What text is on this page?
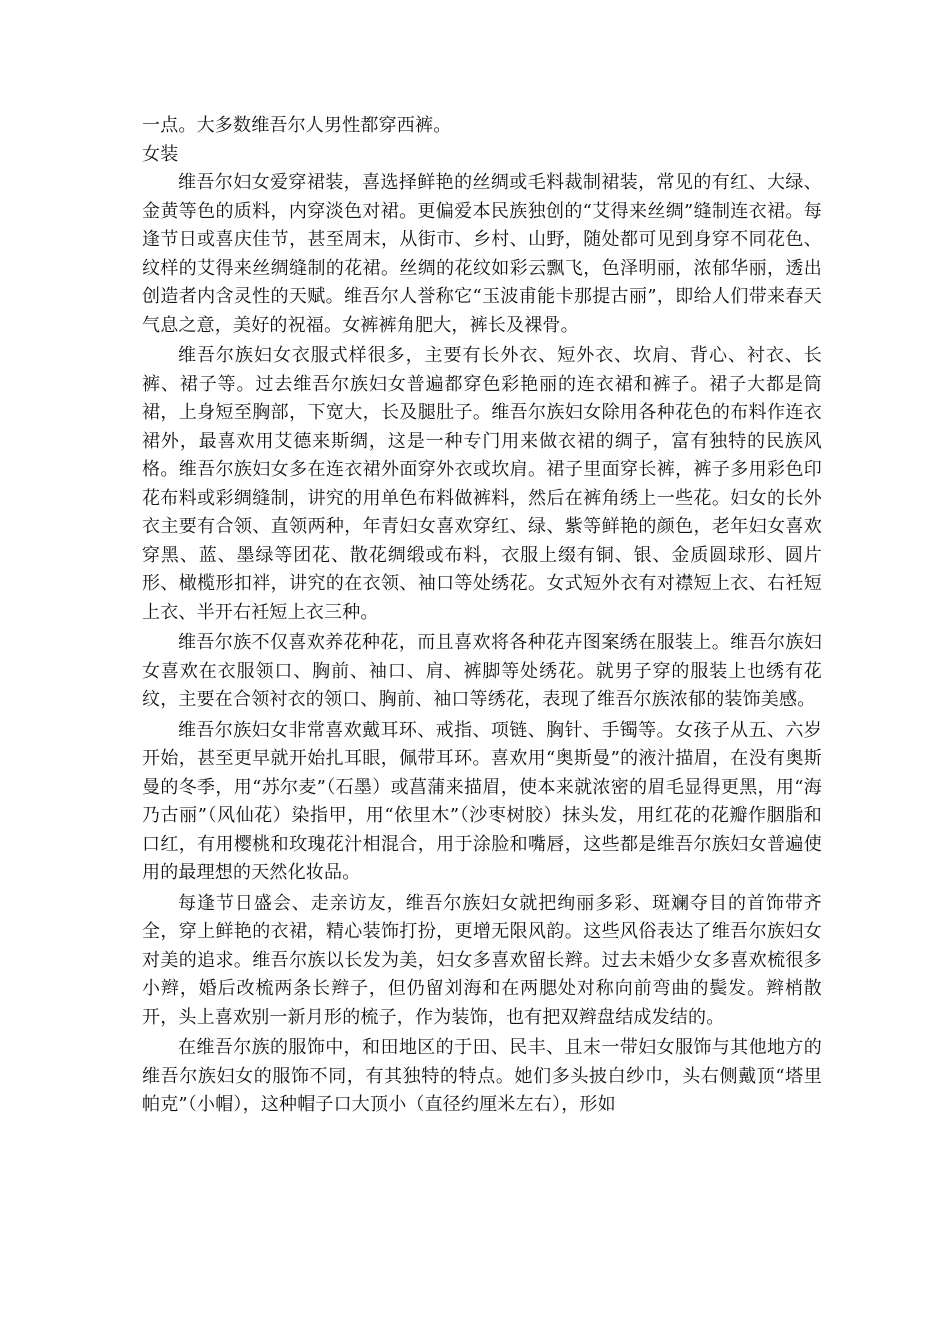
一点。大多数维吾尔人男性都穿西裤。

女装

维吾尔妇女爱穿裙装，喜选择鲜艳的丝绸或毛料裁制裙装，常见的有红、大绿、金黄等色的质料，内穿淡色对裙。更偏爱本民族独创的“艾得来丝绸”缝制连衣裙。每逢节日或喜庆佳节，甚至周末，从街市、乡村、山野，随处都可见到身穿不同花色、纹样的艾得来丝绸缝制的花裙。丝绸的花纹如彩云飘飞，色泽明丽，浓郁华丽，透出创造者内含灵性的天赋。维吾尔人誉称它“玉波甫能卡那提古丽”，即给人们带来春天气息之意，美好的祝福。女裤裤角肥大，裤长及裸骨。

维吾尔族妇女衣服式样很多，主要有长外衣、短外衣、坎肩、背心、衬衣、长裤、裙子等。过去维吾尔族妇女普遍都穿色彩艳丽的连衣裙和裤子。裙子大都是筒裙，上身短至胸部，下宽大，长及腿肚子。维吾尔族妇女除用各种花色的布料作连衣裙外，最喜欢用艾德来斯绸，这是一种专门用来做衣裙的绸子，富有独特的民族风格。维吾尔族妇女多在连衣裙外面穿外衣或坎肩。裙子里面穿长裤，裤子多用彩色印花布料或彩绸缝制，讲究的用单色布料做裤料，然后在裤角绣上一些花。妇女的长外衣主要有合领、直领两种，年青妇女喜欢穿红、绿、紫等鲜艳的颜色，老年妇女喜欢穿黑、蓝、墨绿等团花、散花绸缎或布料，衣服上缀有铜、银、金质圆球形、圆片形、橄榄形扣袢，讲究的在衣领、袖口等处绣花。女式短外衣有对襟短上衣、右衽短上衣、半开右衽短上衣三种。

维吾尔族不仅喜欢养花种花，而且喜欢将各种花卉图案绣在服装上。维吾尔族妇女喜欢在衣服领口、胸前、袖口、肩、裤脚等处绣花。就男子穿的服装上也绣有花纹，主要在合领衬衣的领口、胸前、袖口等绣花，表现了维吾尔族浓郁的装饰美感。

维吾尔族妇女非常喜欢戴耳环、戒指、项链、胸针、手镯等。女孩子从五、六岁开始，甚至更早就开始扎耳眼，佩带耳环。喜欢用“奥斯曼”的液汁描眉，在没有奥斯曼的冬季，用“苏尔麦”（石墨）或菖蒲来描眉，使本来就浓密的眉毛显得更黑，用“海乃古丽”（风仙花）染指甲，用“依里木”（沙枣树胶）抹头发，用红花的花瓣作胭脂和口红，有用樱桃和玫瑰花汁相混合，用于涂脸和嘴唇，这些都是维吾尔族妇女普遍使用的最理想的天然化妆品。

每逢节日盛会、走亲访友，维吾尔族妇女就把绚丽多彩、斑斓夺目的首饰带齐全，穿上鲜艳的衣裙，精心装饰打扮，更增无限风韵。这些风俗表达了维吾尔族妇女对美的追求。维吾尔族以长发为美，妇女多喜欢留长辫。过去未婚少女多喜欢梳很多小辫，婚后改梳两条长辫子，但仍留刘海和在两腮处对称向前弯曲的鬓发。辫梢散开，头上喜欢别一新月形的梳子，作为装饰，也有把双辫盘结成发结的。

在维吾尔族的服饰中，和田地区的于田、民丰、且末一带妇女服饰与其他地方的维吾尔族妇女的服饰不同，有其独特的特点。她们多头披白纱巾，头右侧戴顶“塔里帕克”（小帽），这种帽子口大顶小（直径约厘米左右），形如
